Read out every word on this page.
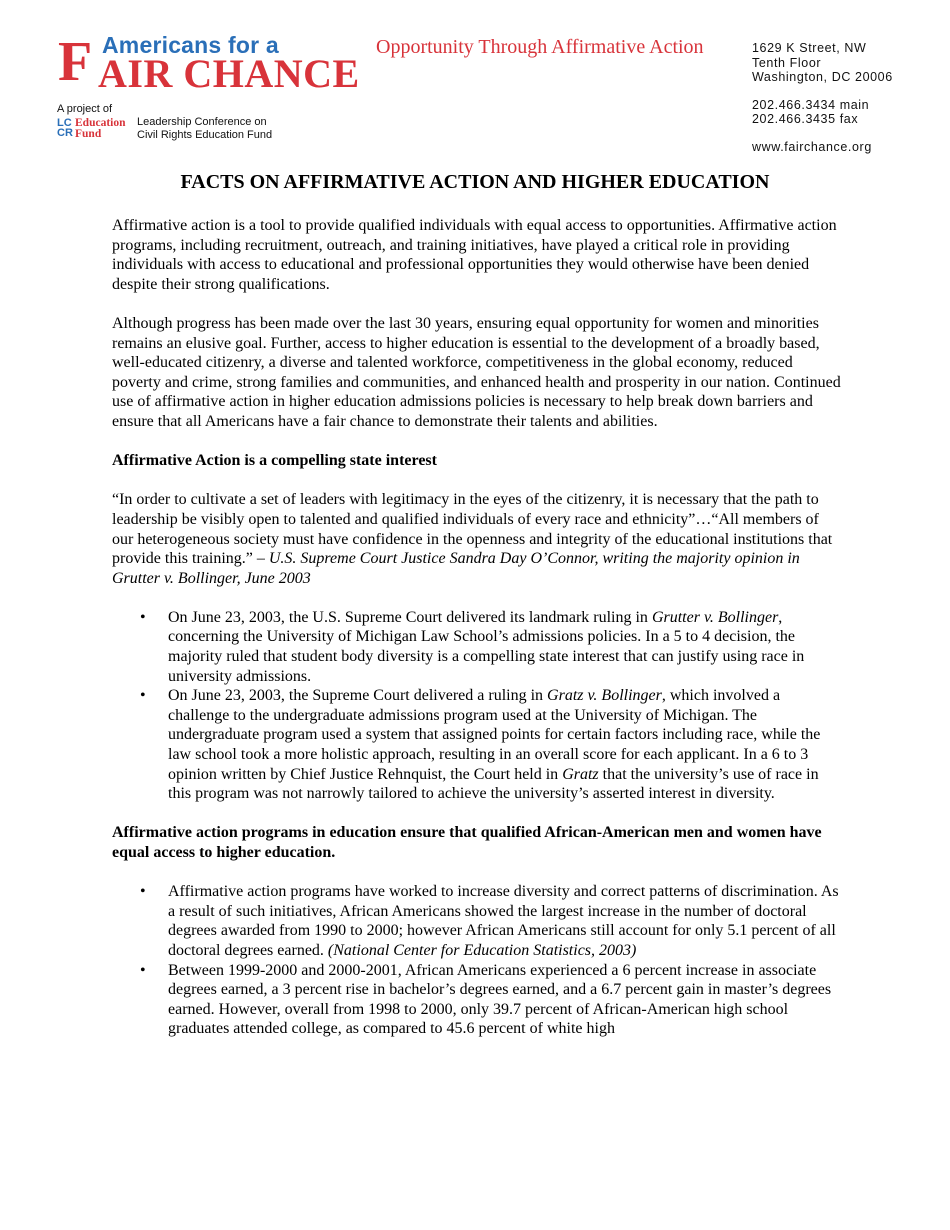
Americans for a
F AIR CHANCE
Opportunity Through Affirmative Action	1629 K Street, NW
Tenth Floor
Washington, DC 20006
202.466.3434 main
202.466.3435 fax
www.fairchance.org
A project of
LC
CR
Education
Fund
Leadership Conference on
Civil Rights Education Fund
FACTS ON AFFIRMATIVE ACTION AND HIGHER EDUCATION

Affirmative action is a tool to provide qualified individuals with equal access to opportunities. Affirmative action programs, including recruitment, outreach, and training initiatives, have played a critical role in providing individuals with access to educational and professional opportunities they would otherwise have been denied despite their strong qualifications.

Although progress has been made over the last 30 years, ensuring equal opportunity for women and minorities remains an elusive goal. Further, access to higher education is essential to the development of a broadly based, well-educated citizenry, a diverse and talented workforce, competitiveness in the global economy, reduced poverty and crime, strong families and communities, and enhanced health and prosperity in our nation. Continued use of affirmative action in higher education admissions policies is necessary to help break down barriers and ensure that all Americans have a fair chance to demonstrate their talents and abilities.

Affirmative Action is a compelling state interest

“In order to cultivate a set of leaders with legitimacy in the eyes of the citizenry, it is necessary that the path to leadership be visibly open to talented and qualified individuals of every race and ethnicity”…“All members of our heterogeneous society must have confidence in the openness and integrity of the educational institutions that provide this training.” – U.S. Supreme Court Justice Sandra Day O’Connor, writing the majority opinion in Grutter v. Bollinger, June 2003

• On June 23, 2003, the U.S. Supreme Court delivered its landmark ruling in Grutter v. Bollinger, concerning the University of Michigan Law School’s admissions policies. In a 5 to 4 decision, the majority ruled that student body diversity is a compelling state interest that can justify using race in university admissions.
• On June 23, 2003, the Supreme Court delivered a ruling in Gratz v. Bollinger, which involved a challenge to the undergraduate admissions program used at the University of Michigan. The undergraduate program used a system that assigned points for certain factors including race, while the law school took a more holistic approach, resulting in an overall score for each applicant. In a 6 to 3 opinion written by Chief Justice Rehnquist, the Court held in Gratz that the university’s use of race in this program was not narrowly tailored to achieve the university’s asserted interest in diversity.
Affirmative action programs in education ensure that qualified African-American men and women have equal access to higher education.
• Affirmative action programs have worked to increase diversity and correct patterns of discrimination. As a result of such initiatives, African Americans showed the largest increase in the number of doctoral degrees awarded from 1990 to 2000; however African Americans still account for only 5.1 percent of all doctoral degrees earned. (National Center for Education Statistics, 2003)
• Between 1999-2000 and 2000-2001, African Americans experienced a 6 percent increase in associate degrees earned, a 3 percent rise in bachelor’s degrees earned, and a 6.7 percent gain in master’s degrees earned. However, overall from 1998 to 2000, only 39.7 percent of African-American high school graduates attended college, as compared to 45.6 percent of white high
